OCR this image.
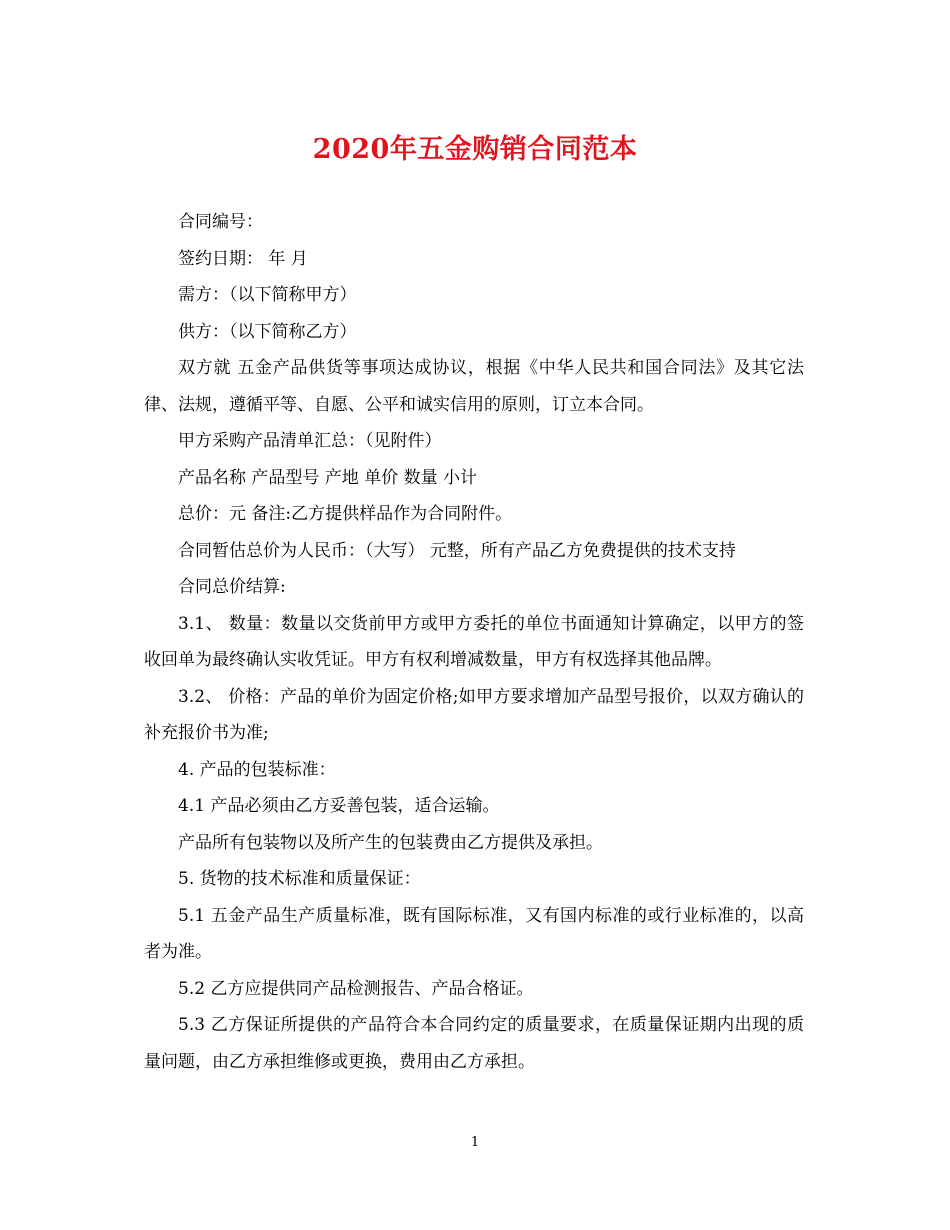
2020年五金购销合同范本

合同编号：

签约日期： 年 月

需方：（以下简称甲方）

供方：（以下简称乙方）

双方就 五金产品供货等事项达成协议，根据《中华人民共和国合同法》及其它法律、法规，遵循平等、自愿、公平和诚实信用的原则，订立本合同。

甲方采购产品清单汇总：（见附件）

产品名称 产品型号 产地 单价 数量 小计

总价：元 备注:乙方提供样品作为合同附件。

合同暂估总价为人民币：（大写） 元整，所有产品乙方免费提供的技术支持

合同总价结算:

3.1、 数量：数量以交货前甲方或甲方委托的单位书面通知计算确定，以甲方的签收回单为最终确认实收凭证。甲方有权利增减数量，甲方有权选择其他品牌。

3.2、 价格：产品的单价为固定价格;如甲方要求增加产品型号报价，以双方确认的补充报价书为准;

4. 产品的包装标准：

4.1 产品必须由乙方妥善包装，适合运输。

产品所有包装物以及所产生的包装费由乙方提供及承担。

5. 货物的技术标准和质量保证：

5.1 五金产品生产质量标准，既有国际标准，又有国内标准的或行业标准的，以高者为准。

5.2 乙方应提供同产品检测报告、产品合格证。

5.3 乙方保证所提供的产品符合本合同约定的质量要求，在质量保证期内出现的质量问题，由乙方承担维修或更换，费用由乙方承担。

1
